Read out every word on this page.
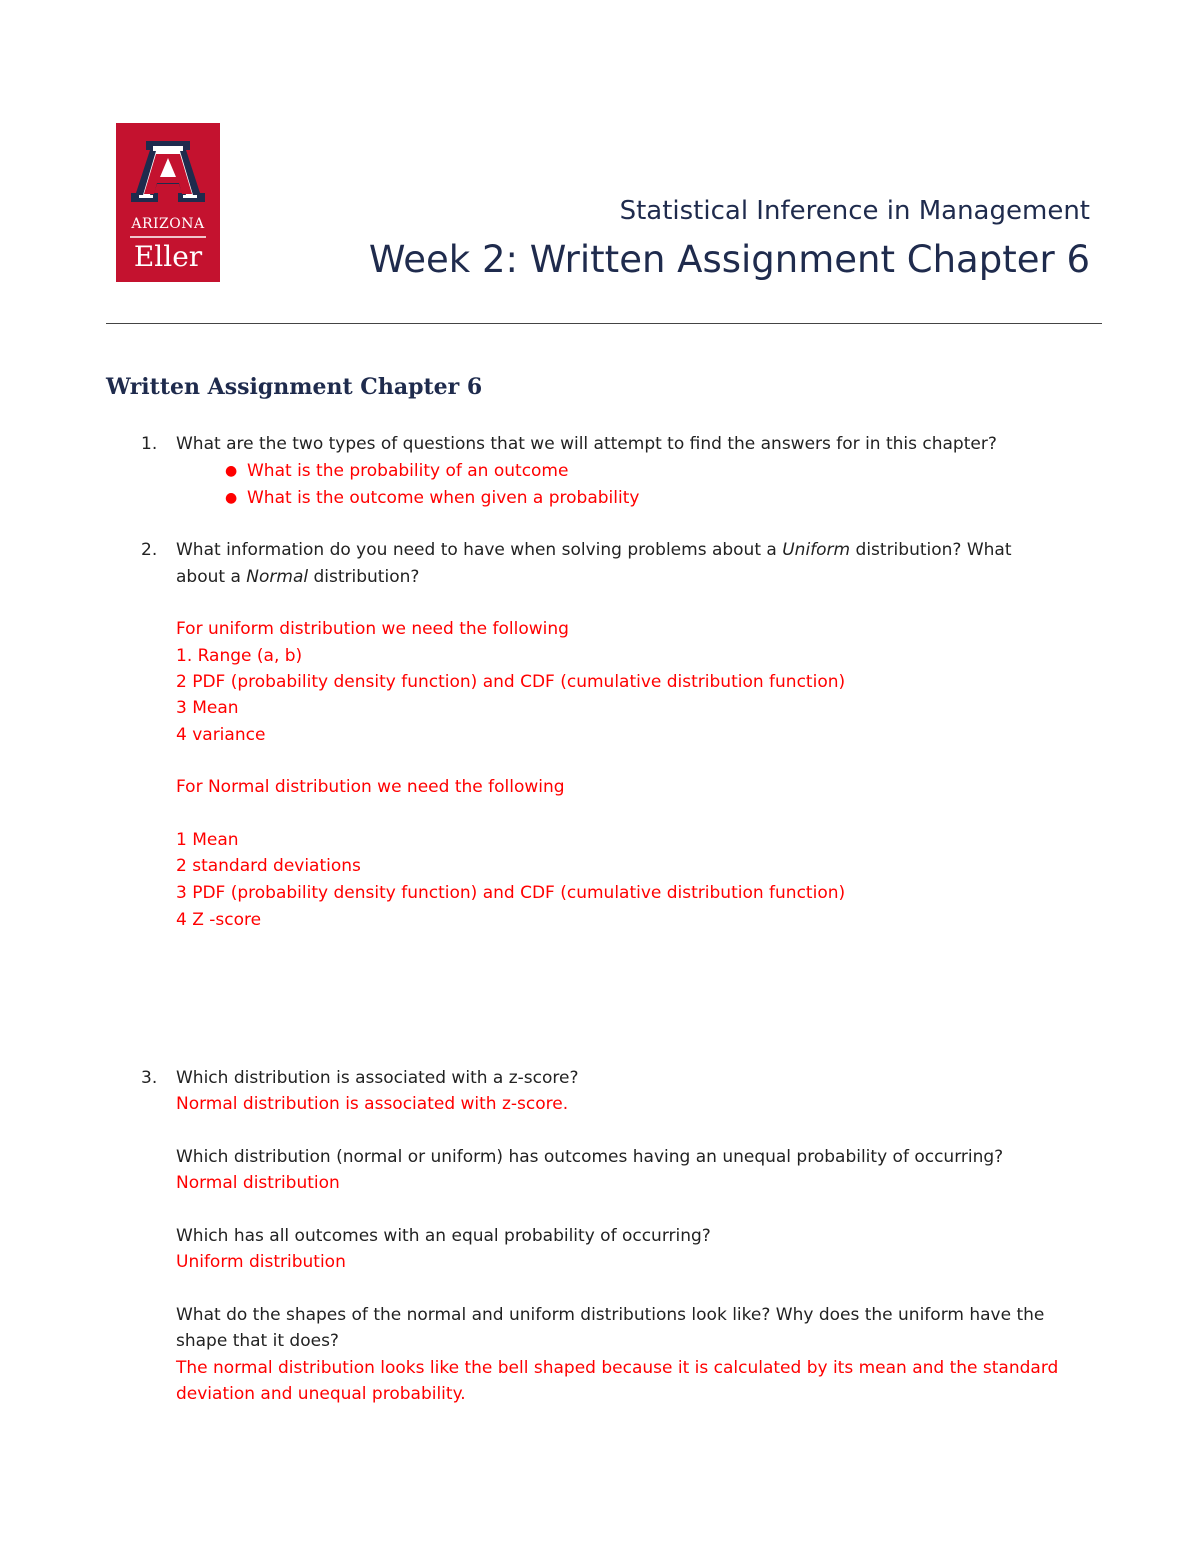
ARIZONA
Eller
Statistical Inference in Management
Week 2: Written Assignment Chapter 6
Written Assignment Chapter 6
1. What are the two types of questions that we will attempt to find the answers for in this chapter?
● What is the probability of an outcome
● What is the outcome when given a probability
2. What information do you need to have when solving problems about a Uniform distribution? What
about a Normal distribution?
For uniform distribution we need the following
1. Range (a, b)
2 PDF (probability density function) and CDF (cumulative distribution function)
3 Mean
4 variance
For Normal distribution we need the following
1 Mean
2 standard deviations
3 PDF (probability density function) and CDF (cumulative distribution function)
4 Z -score
3. Which distribution is associated with a z-score?
Normal distribution is associated with z-score.
Which distribution (normal or uniform) has outcomes having an unequal probability of occurring?
Normal distribution
Which has all outcomes with an equal probability of occurring?
Uniform distribution
What do the shapes of the normal and uniform distributions look like? Why does the uniform have the
shape that it does?
The normal distribution looks like the bell shaped because it is calculated by its mean and the standard
deviation and unequal probability.
